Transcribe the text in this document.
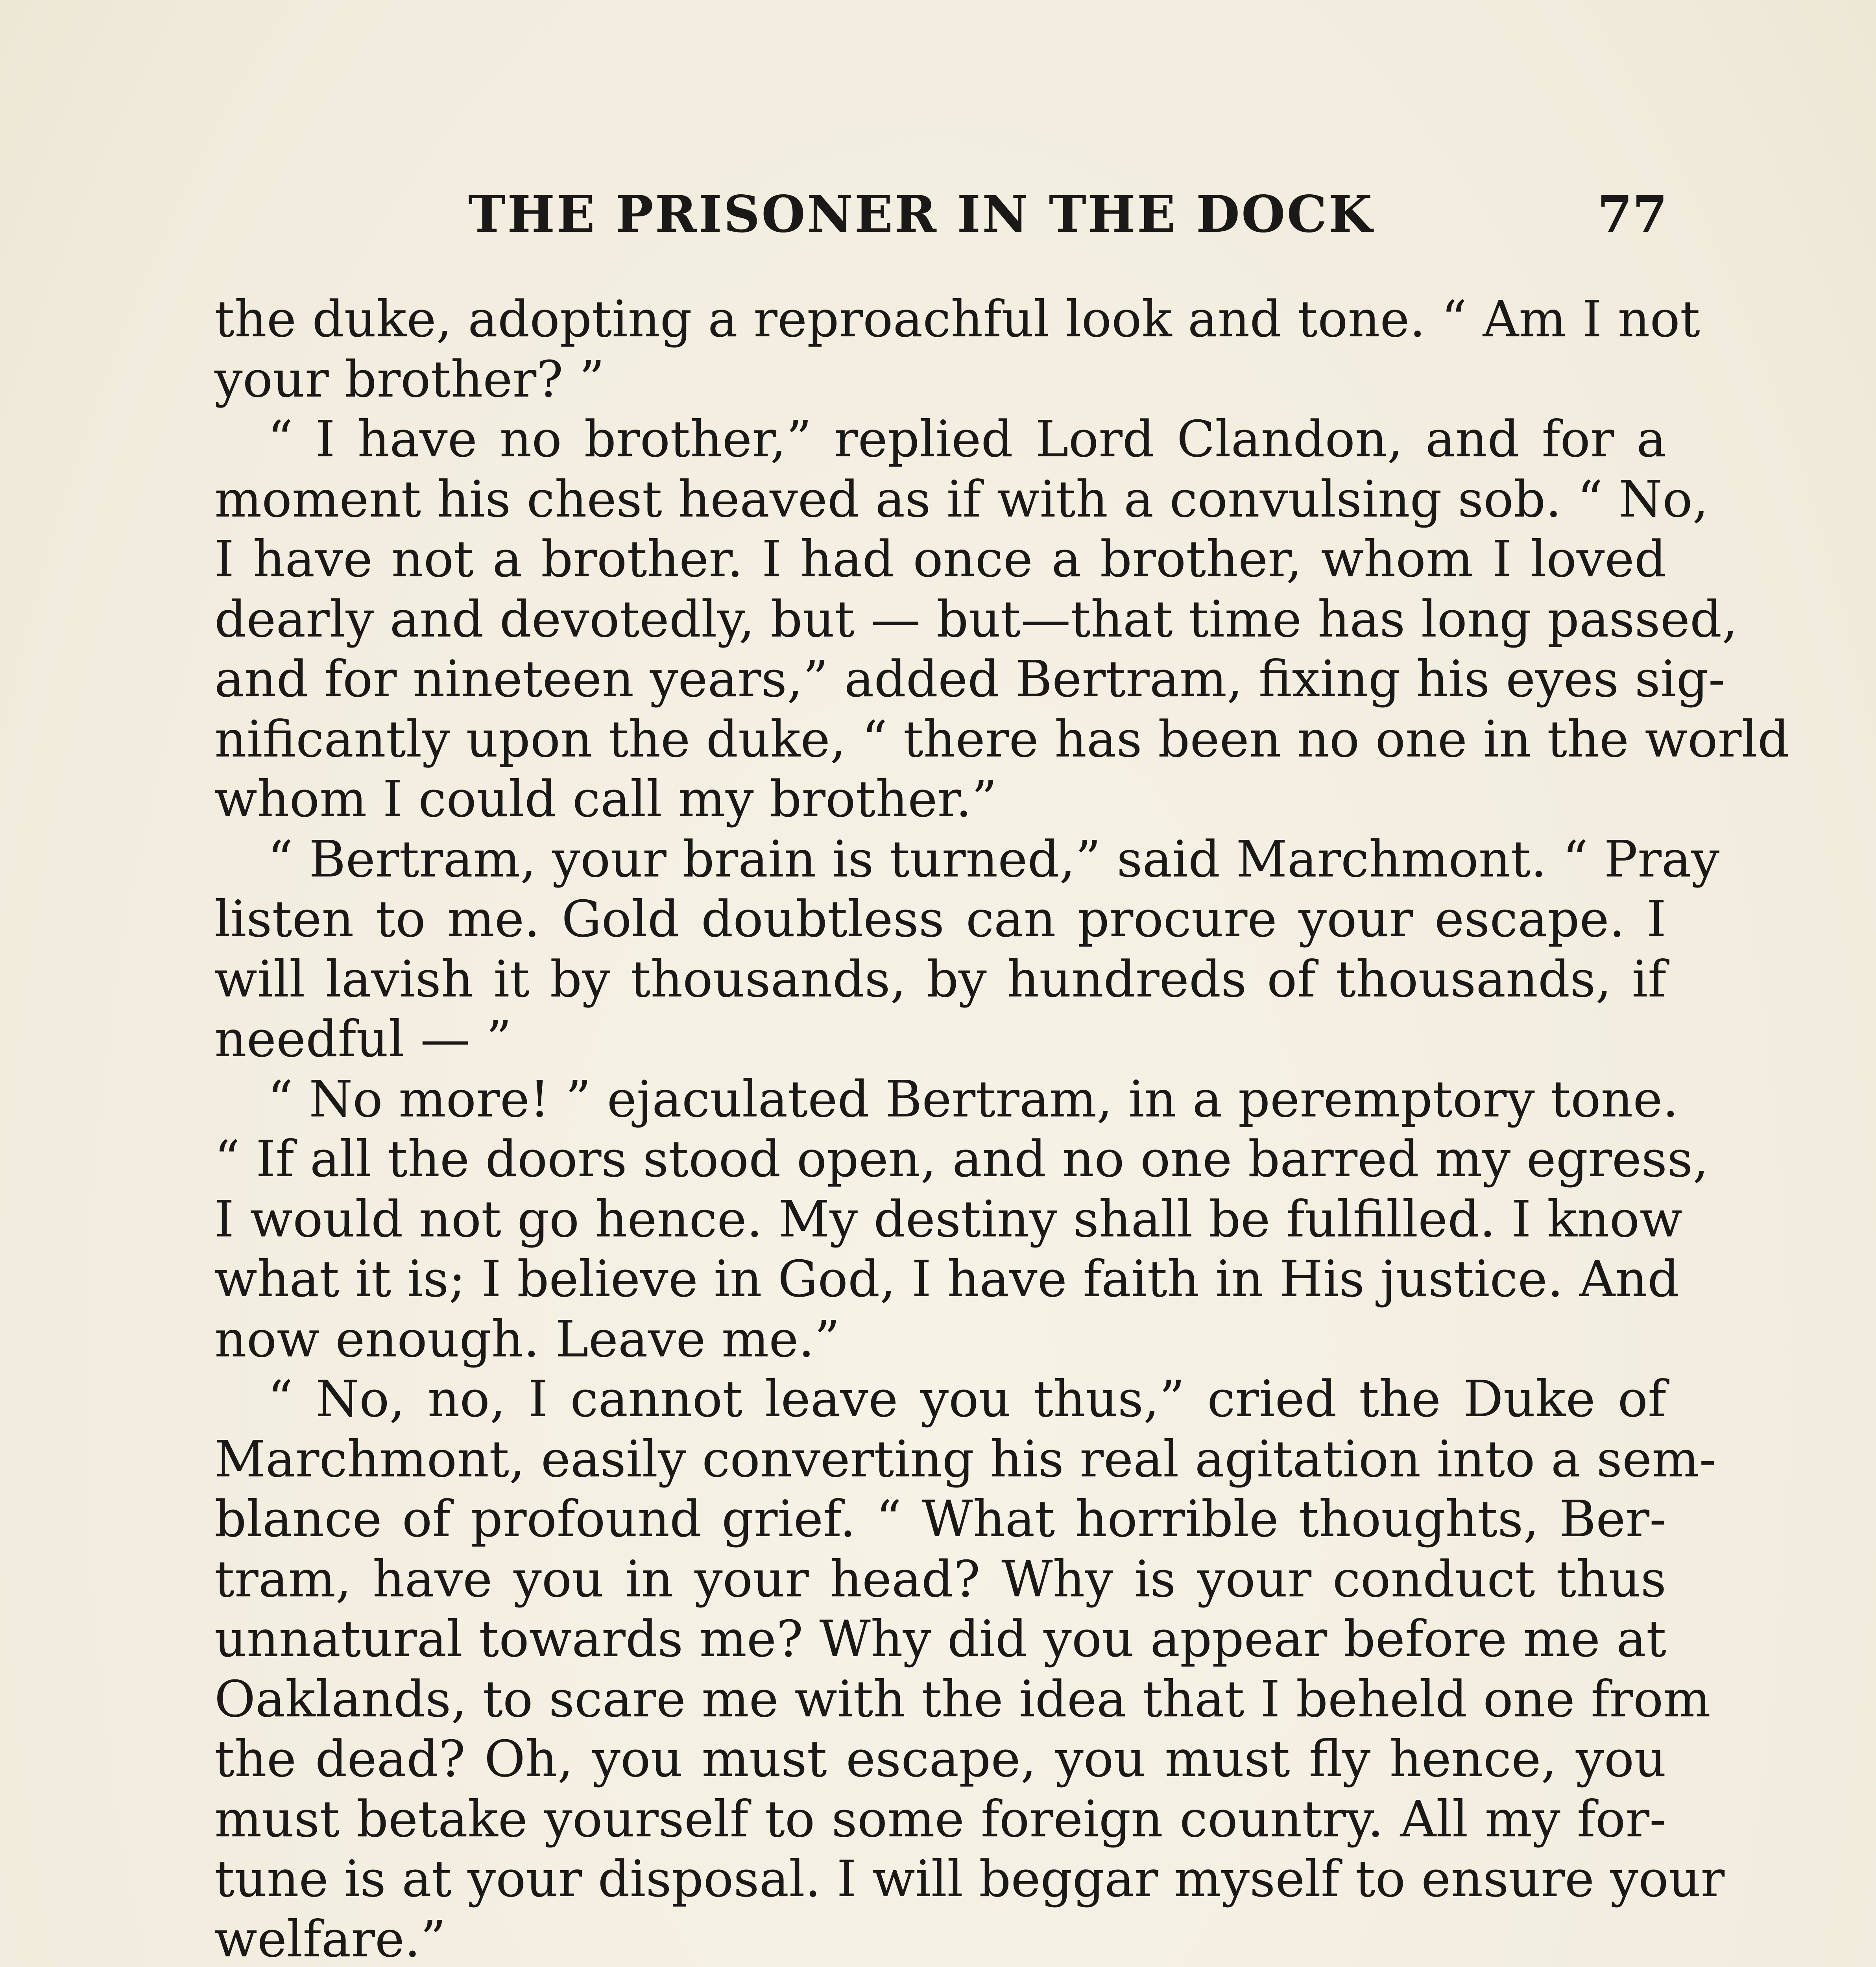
THE PRISONER IN THE DOCK	77
the duke, adopting a reproachful look and tone. “ Am I not
your brother? ”
“ I have no brother,” replied Lord Clandon, and for a
moment his chest heaved as if with a convulsing sob. “ No,
I have not a brother. I had once a brother, whom I loved
dearly and devotedly, but — but—that time has long passed,
and for nineteen years,” added Bertram, fixing his eyes sig-
nificantly upon the duke, “ there has been no one in the world
whom I could call my brother.”
“ Bertram, your brain is turned,” said Marchmont. “ Pray
listen to me. Gold doubtless can procure your escape. I
will lavish it by thousands, by hundreds of thousands, if
needful — ”
“ No more! ” ejaculated Bertram, in a peremptory tone.
“ If all the doors stood open, and no one barred my egress,
I would not go hence. My destiny shall be fulfilled. I know
what it is; I believe in God, I have faith in His justice. And
now enough. Leave me.”
“ No, no, I cannot leave you thus,” cried the Duke of
Marchmont, easily converting his real agitation into a sem-
blance of profound grief. “ What horrible thoughts, Ber-
tram, have you in your head? Why is your conduct thus
unnatural towards me? Why did you appear before me at
Oaklands, to scare me with the idea that I beheld one from
the dead? Oh, you must escape, you must fly hence, you
must betake yourself to some foreign country. All my for-
tune is at your disposal. I will beggar myself to ensure your
welfare.”
